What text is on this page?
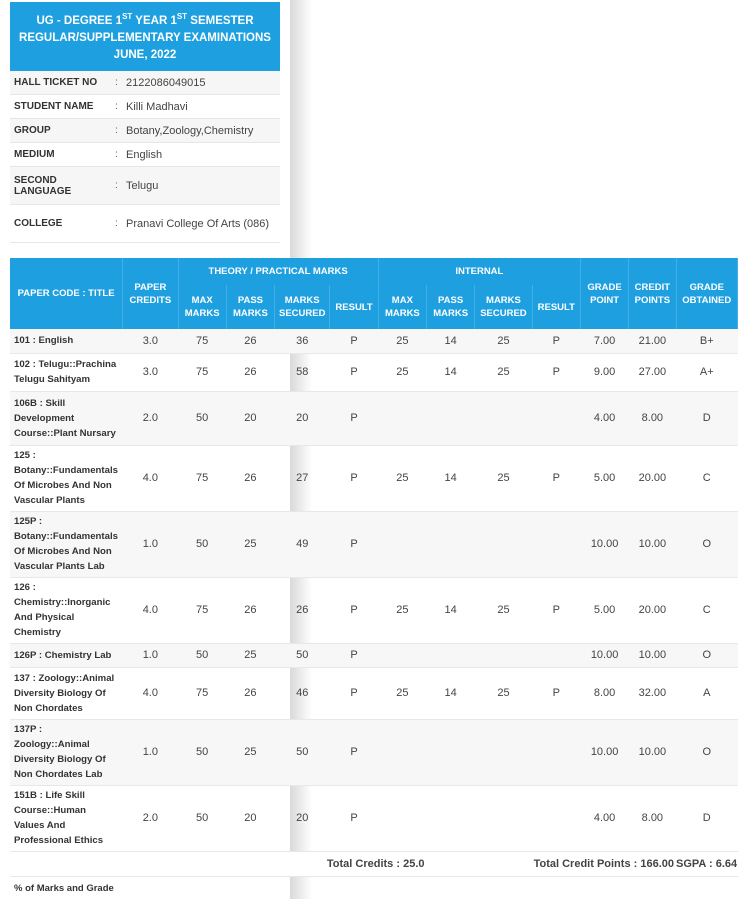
UG - DEGREE 1ST YEAR 1ST SEMESTER
REGULAR/SUPPLEMENTARY EXAMINATIONS
JUNE, 2022
HALL TICKET NO	:	2122086049015
STUDENT NAME	:	Killi Madhavi
GROUP	:	Botany,Zoology,Chemistry
MEDIUM	:	English
SECOND LANGUAGE	:	Telugu
COLLEGE	:	Pranavi College Of Arts (086)
PAPER CODE : TITLE	PAPER CREDITS	THEORY / PRACTICAL MARKS				INTERNAL				GRADE POINT	CREDIT POINTS	GRADE OBTAINED
		MAX MARKS	PASS MARKS	MARKS SECURED	RESULT	MAX MARKS	PASS MARKS	MARKS SECURED	RESULT			
101 : English	3.0	75	26	36	P	25	14	25	P	7.00	21.00	B+
102 : Telugu::Prachina Telugu Sahityam	3.0	75	26	58	P	25	14	25	P	9.00	27.00	A+
106B : Skill Development Course::Plant Nursary	2.0	50	20	20	P					4.00	8.00	D
125 : Botany::Fundamentals Of Microbes And Non Vascular Plants	4.0	75	26	27	P	25	14	25	P	5.00	20.00	C
125P : Botany::Fundamentals Of Microbes And Non Vascular Plants Lab	1.0	50	25	49	P					10.00	10.00	O
126 : Chemistry::Inorganic And Physical Chemistry	4.0	75	26	26	P	25	14	25	P	5.00	20.00	C
126P : Chemistry Lab	1.0	50	25	50	P					10.00	10.00	O
137 : Zoology::Animal Diversity Biology Of Non Chordates	4.0	75	26	46	P	25	14	25	P	8.00	32.00	A
137P : Zoology::Animal Diversity Biology Of Non Chordates Lab	1.0	50	25	50	P					10.00	10.00	O
151B : Life Skill Course::Human Values And Professional Ethics	2.0	50	20	20	P					4.00	8.00	D
				Total Credits : 25.0			Total Credit Points : 166.00					SGPA : 6.64
% of Marks and Grade
